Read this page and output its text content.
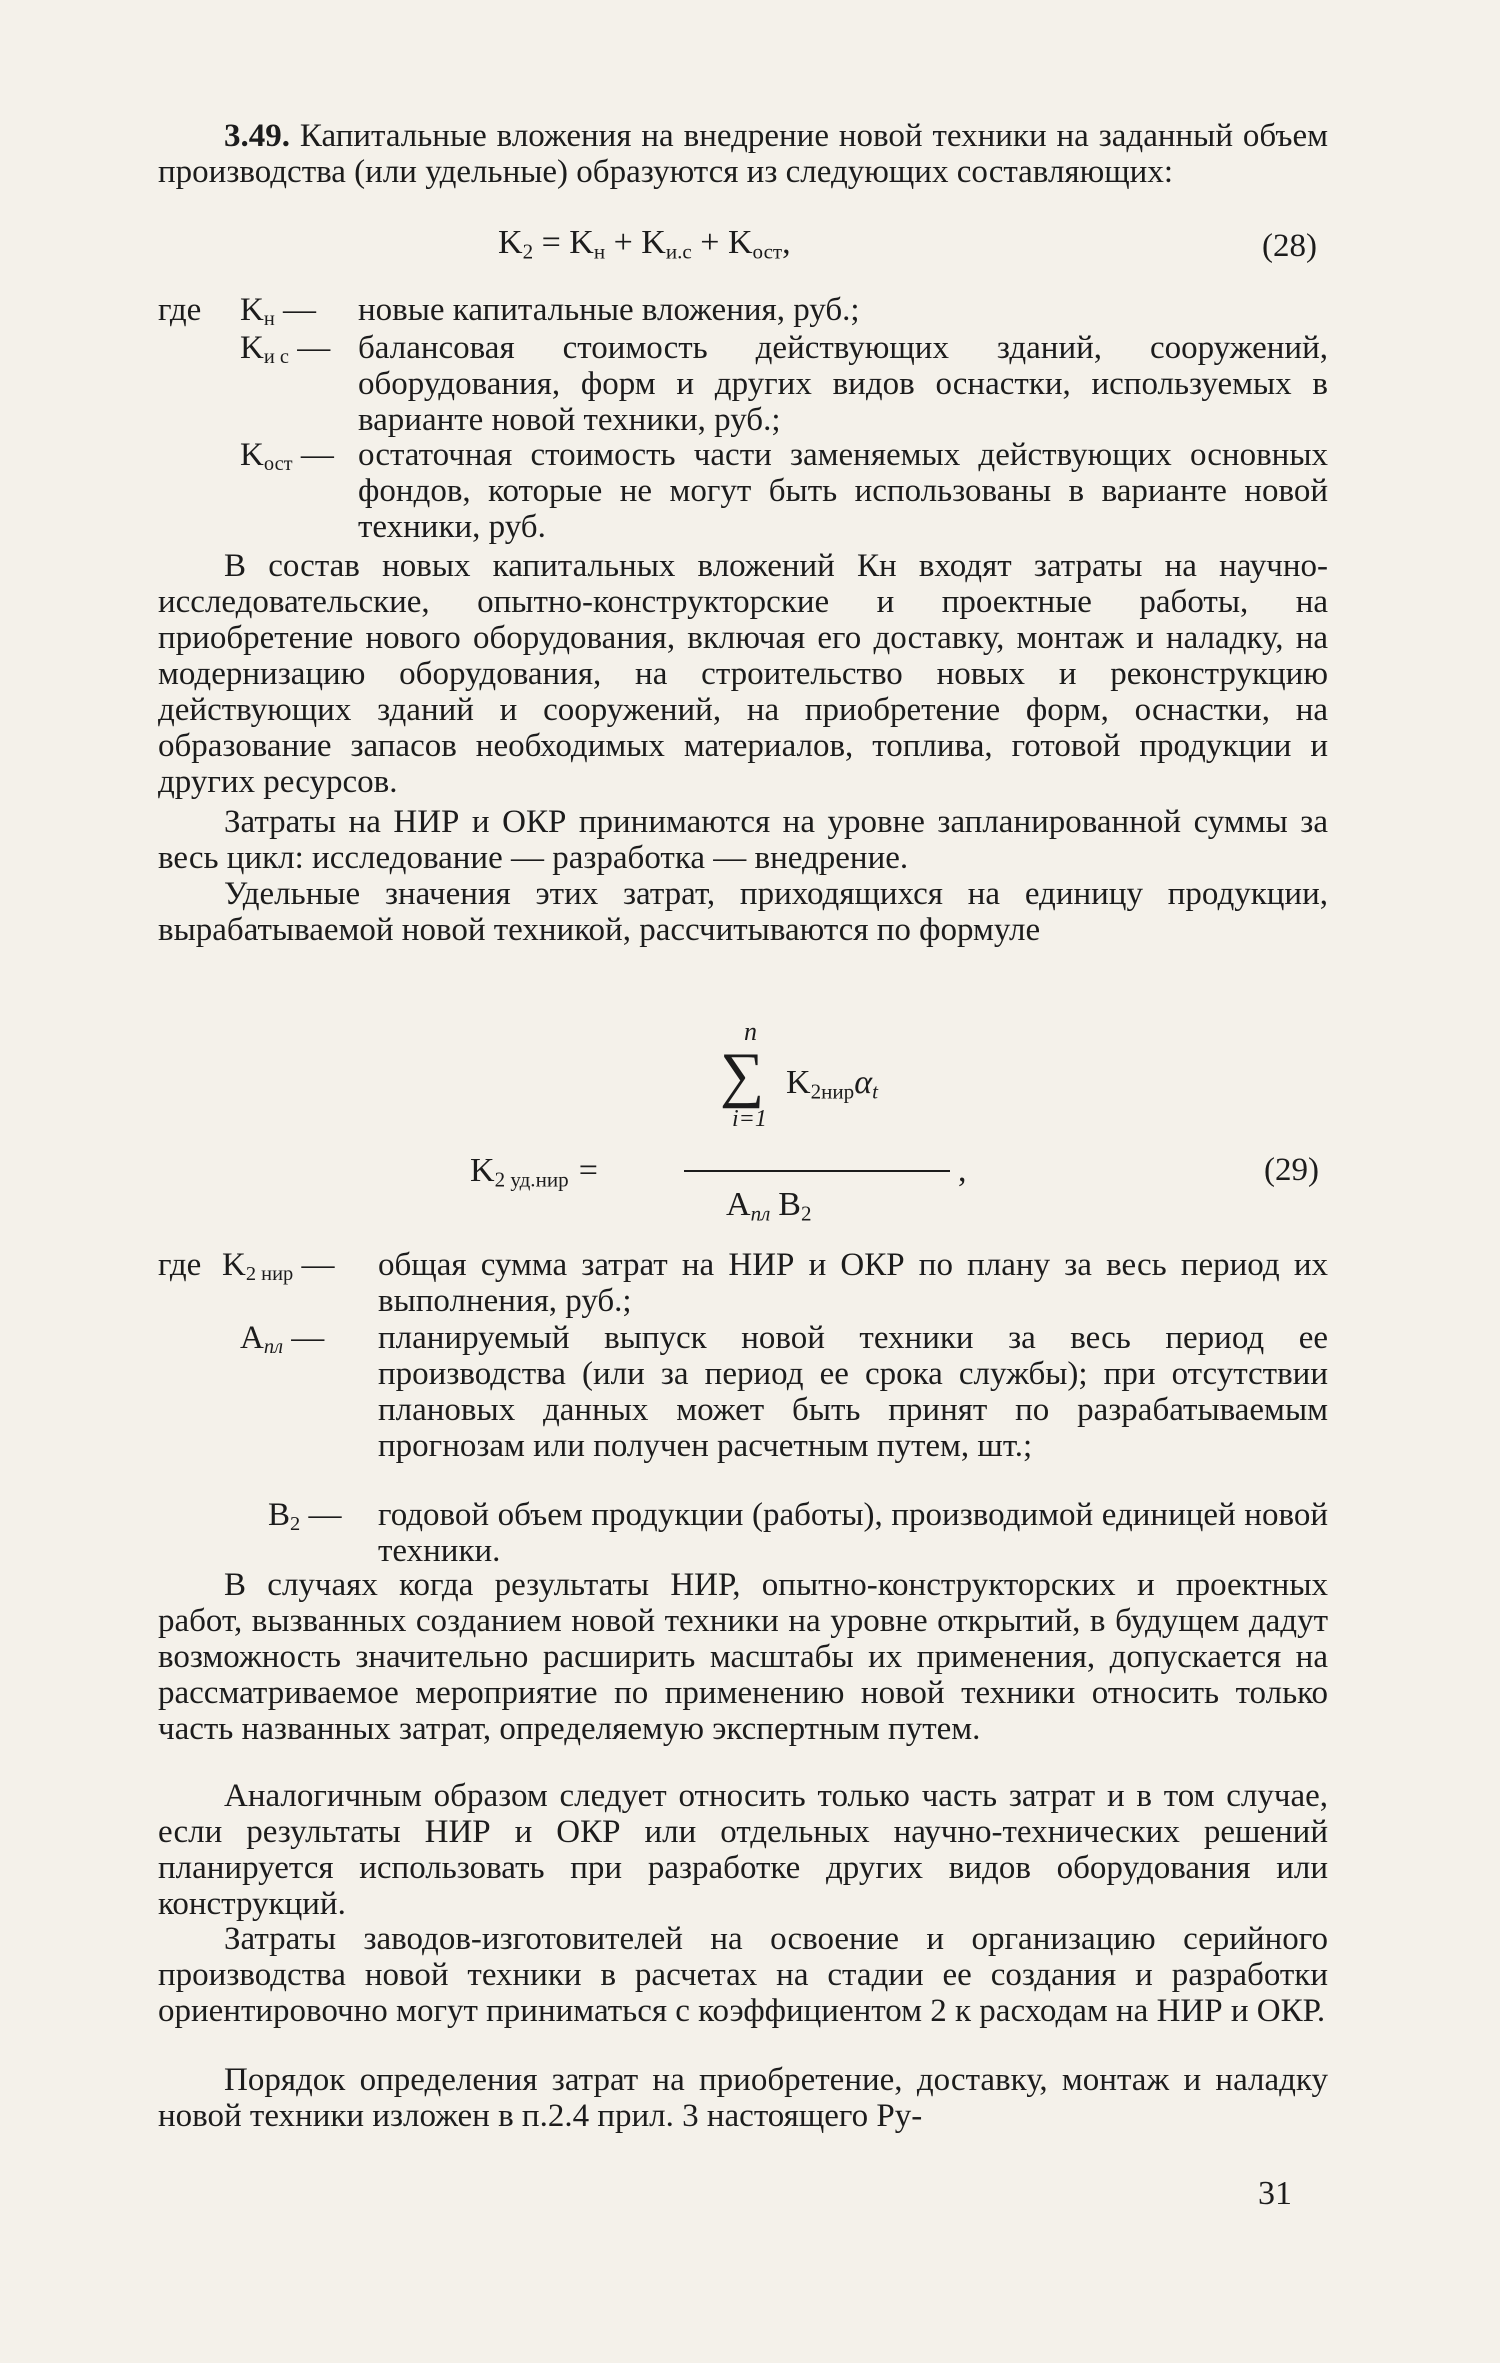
3.49. Капитальные вложения на внедрение новой техники на заданный объем производства (или удельные) образуются из следующих составляющих:
$K_2 = K_н + K_{и.с} + K_{ост}$,	(28)
где $K_н$ — новые капитальные вложения, руб.;
$K_{и с}$ — балансовая стоимость действующих зданий, сооружений, оборудования, форм и других видов оснастки, используемых в варианте новой техники, руб.;
$K_{ост}$ — остаточная стоимость части заменяемых действующих основных фондов, которые не могут быть использованы в варианте новой техники, руб.
В состав новых капитальных вложений Кн входят затраты на научно-исследовательские, опытно-конструкторские и проектные работы, на приобретение нового оборудования, включая его доставку, монтаж и наладку, на модернизацию оборудования, на строительство новых и реконструкцию действующих зданий и сооружений, на приобретение форм, оснастки, на образование запасов необходимых материалов, топлива, готовой продукции и других ресурсов.
Затраты на НИР и ОКР принимаются на уровне запланированной суммы за весь цикл: исследование — разработка — внедрение.
Удельные значения этих затрат, приходящихся на единицу продукции, вырабатываемой новой техникой, рассчитываются по формуле
n
∑ $K_{2нир}\alpha_t$
i=1
$K_{2 уд.нир}$ =
$A_{пл}$ $B_2$
,	(29)
где $K_{2 нир}$ — общая сумма затрат на НИР и ОКР по плану за весь период их выполнения, руб.;
$A_{пл}$ — планируемый выпуск новой техники за весь период ее производства (или за период ее срока службы); при отсутствии плановых данных может быть принят по разрабатываемым прогнозам или получен расчетным путем, шт.;
$B_2$ — годовой объем продукции (работы), производимой единицей новой техники.
В случаях когда результаты НИР, опытно-конструкторских и проектных работ, вызванных созданием новой техники на уровне открытий, в будущем дадут возможность значительно расширить масштабы их применения, допускается на рассматриваемое мероприятие по применению новой техники относить только часть названных затрат, определяемую экспертным путем.
Аналогичным образом следует относить только часть затрат и в том случае, если результаты НИР и ОКР или отдельных научно-технических решений планируется использовать при разработке других видов оборудования или конструкций.
Затраты заводов-изготовителей на освоение и организацию серийного производства новой техники в расчетах на стадии ее создания и разработки ориентировочно могут приниматься с коэффициентом 2 к расходам на НИР и ОКР.
Порядок определения затрат на приобретение, доставку, монтаж и наладку новой техники изложен в п.2.4 прил. 3 настоящего Ру-
31
